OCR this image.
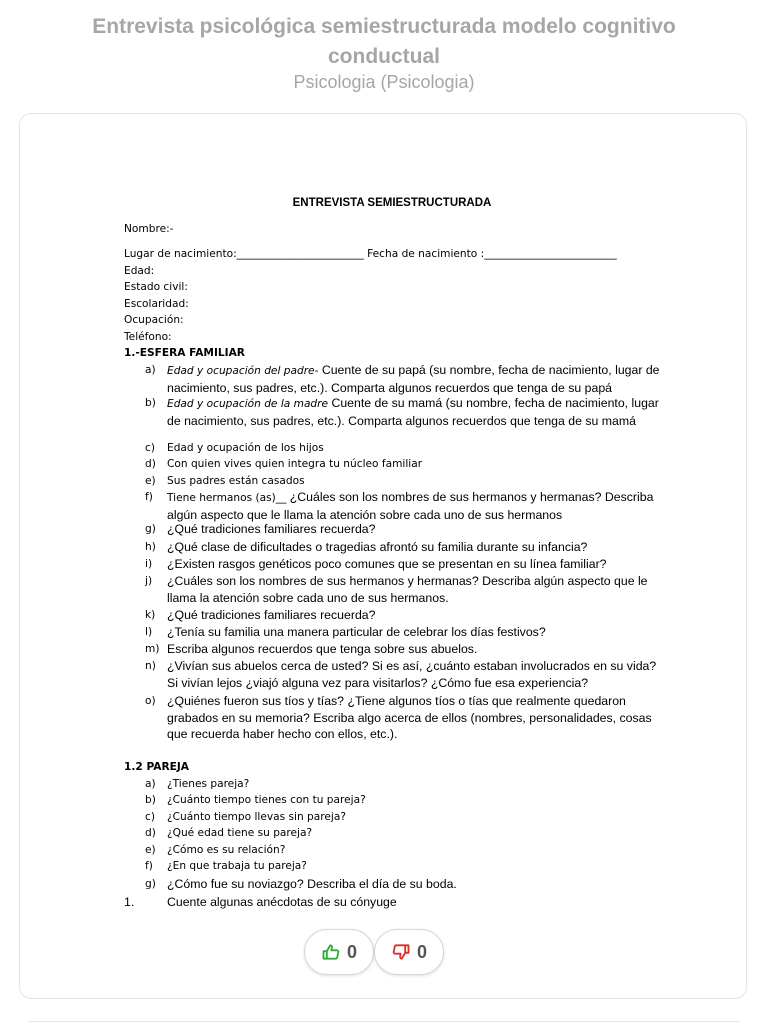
Entrevista psicológica semiestructurada modelo cognitivo conductual
Psicologia (Psicologia)
ENTREVISTA SEMIESTRUCTURADA
Nombre:-
Lugar de nacimiento:________________________ Fecha de nacimiento :_________________________
Edad:
Estado civil:
Escolaridad:
Ocupación:
Teléfono:
1.-ESFERA FAMILIAR
a) Edad y ocupación del padre- Cuente de su papá (su nombre, fecha de nacimiento, lugar de nacimiento, sus padres, etc.). Comparta algunos recuerdos que tenga de su papá
b) Edad y ocupación de la madre Cuente de su mamá (su nombre, fecha de nacimiento, lugar de nacimiento, sus padres, etc.). Comparta algunos recuerdos que tenga de su mamá
c) Edad y ocupación de los hijos
d) Con quien vives quien integra tu núcleo familiar
e) Sus padres están casados
f) Tiene hermanos (as)__ ¿Cuáles son los nombres de sus hermanos y hermanas? Describa algún aspecto que le llama la atención sobre cada uno de sus hermanos
g) ¿Qué tradiciones familiares recuerda?
h) ¿Qué clase de dificultades o tragedias afrontó su familia durante su infancia?
i) ¿Existen rasgos genéticos poco comunes que se presentan en su línea familiar?
j) ¿Cuáles son los nombres de sus hermanos y hermanas? Describa algún aspecto que le llama la atención sobre cada uno de sus hermanos.
k) ¿Qué tradiciones familiares recuerda?
l) ¿Tenía su familia una manera particular de celebrar los días festivos?
m) Escriba algunos recuerdos que tenga sobre sus abuelos.
n) ¿Vivían sus abuelos cerca de usted? Si es así, ¿cuánto estaban involucrados en su vida? Si vivían lejos ¿viajó alguna vez para visitarlos? ¿Cómo fue esa experiencia?
o) ¿Quiénes fueron sus tíos y tías? ¿Tiene algunos tíos o tías que realmente quedaron grabados en su memoria? Escriba algo acerca de ellos (nombres, personalidades, cosas que recuerda haber hecho con ellos, etc.).
1.2 PAREJA
a) ¿Tienes pareja?
b) ¿Cuánto tiempo tienes con tu pareja?
c) ¿Cuánto tiempo llevas sin pareja?
d) ¿Qué edad tiene su pareja?
e) ¿Cómo es su relación?
f) ¿En que trabaja tu pareja?
g) ¿Cómo fue su noviazgo? Describa el día de su boda.
1.	Cuente algunas anécdotas de su cónyuge
0	0
